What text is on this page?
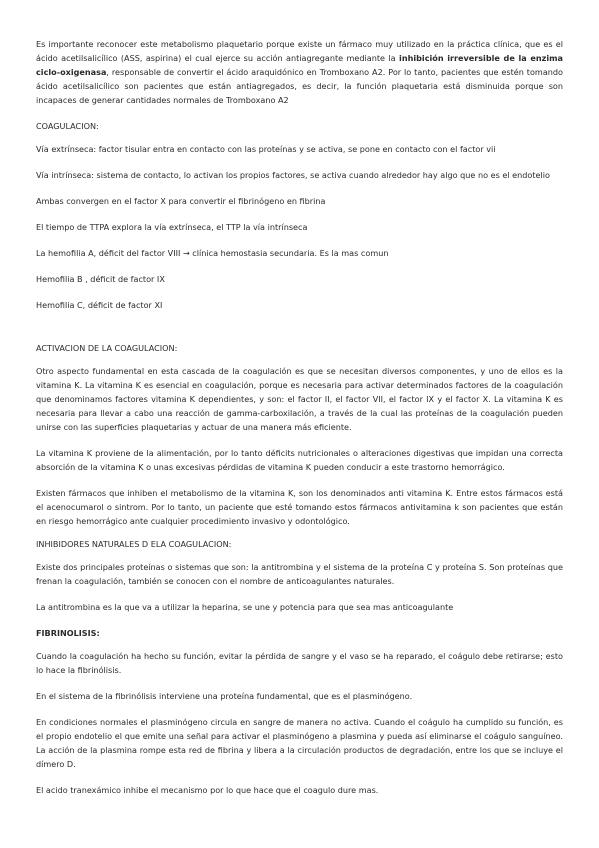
Es importante reconocer este metabolismo plaquetario porque existe un fármaco muy utilizado en la práctica clínica, que es el ácido acetilsalicílico (ASS, aspirina) el cual ejerce su acción antiagregante mediante la inhibición irreversible de la enzima ciclo-oxigenasa, responsable de convertir el ácido araquidónico en Tromboxano A2. Por lo tanto, pacientes que estén tomando ácido acetilsalicílico son pacientes que están antiagregados, es decir, la función plaquetaria está disminuida porque son incapaces de generar cantidades normales de Tromboxano A2

COAGULACION:

Vía extrínseca: factor tisular entra en contacto con las proteínas y se activa, se pone en contacto con el factor vii

Vía intrínseca: sistema de contacto, lo activan los propios factores, se activa cuando alrededor hay algo que no es el endotelio

Ambas convergen en el factor X para convertir el fibrinógeno en fibrina

El tiempo de TTPA explora la vía extrínseca, el TTP la vía intrínseca

La hemofilia A, déficit del factor VIII → clínica hemostasia secundaria. Es la mas comun

Hemofilia B , déficit de factor IX

Hemofilia C, déficit de factor XI

ACTIVACION DE LA COAGULACION:

Otro aspecto fundamental en esta cascada de la coagulación es que se necesitan diversos componentes, y uno de ellos es la vitamina K. La vitamina K es esencial en coagulación, porque es necesaria para activar determinados factores de la coagulación que denominamos factores vitamina K dependientes, y son: el factor II, el factor VII, el factor IX y el factor X. La vitamina K es necesaria para llevar a cabo una reacción de gamma-carboxilación, a través de la cual las proteínas de la coagulación pueden unirse con las superficies plaquetarias y actuar de una manera más eficiente.

La vitamina K proviene de la alimentación, por lo tanto déficits nutricionales o alteraciones digestivas que impidan una correcta absorción de la vitamina K o unas excesivas pérdidas de vitamina K pueden conducir a este trastorno hemorrágico.

Existen fármacos que inhiben el metabolismo de la vitamina K, son los denominados anti vitamina K. Entre estos fármacos está el acenocumarol o sintrom. Por lo tanto, un paciente que esté tomando estos fármacos antivitamina k son pacientes que están en riesgo hemorrágico ante cualquier procedimiento invasivo y odontológico.

INHIBIDORES NATURALES D ELA COAGULACION:

Existe dos principales proteínas o sistemas que son: la antitrombina y el sistema de la proteína C y proteína S. Son proteínas que frenan la coagulación, también se conocen con el nombre de anticoagulantes naturales.

La antitrombina es la que va a utilizar la heparina, se une y potencia para que sea mas anticoagulante

FIBRINOLISIS:

Cuando la coagulación ha hecho su función, evitar la pérdida de sangre y el vaso se ha reparado, el coágulo debe retirarse; esto lo hace la fibrinólisis.

En el sistema de la fibrinólisis interviene una proteína fundamental, que es el plasminógeno.

En condiciones normales el plasminógeno circula en sangre de manera no activa. Cuando el coágulo ha cumplido su función, es el propio endotelio el que emite una señal para activar el plasminógeno a plasmina y pueda así eliminarse el coágulo sanguíneo. La acción de la plasmina rompe esta red de fibrina y libera a la circulación productos de degradación, entre los que se incluye el dímero D.

El acido tranexámico inhibe el mecanismo por lo que hace que el coagulo dure mas.
